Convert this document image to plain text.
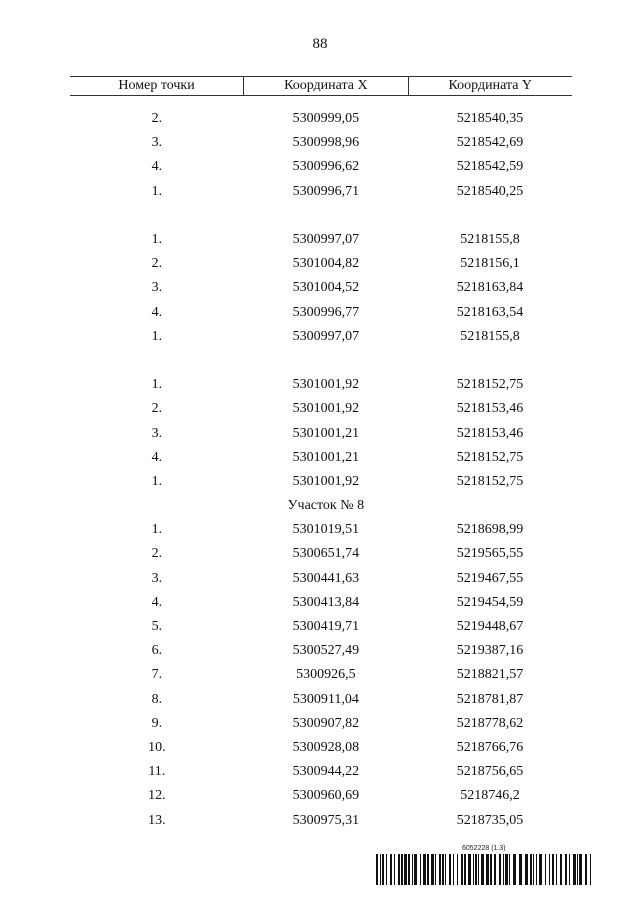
88
Номер точки	Координата X	Координата Y

2.	5300999,05	5218540,35
3.	5300998,96	5218542,69
4.	5300996,62	5218542,59
1.	5300996,71	5218540,25

1.	5300997,07	5218155,8
2.	5301004,82	5218156,1
3.	5301004,52	5218163,84
4.	5300996,77	5218163,54
1.	5300997,07	5218155,8

1.	5301001,92	5218152,75
2.	5301001,92	5218153,46
3.	5301001,21	5218153,46
4.	5301001,21	5218152,75
1.	5301001,92	5218152,75
	Участок № 8	
1.	5301019,51	5218698,99
2.	5300651,74	5219565,55
3.	5300441,63	5219467,55
4.	5300413,84	5219454,59
5.	5300419,71	5219448,67
6.	5300527,49	5219387,16
7.	5300926,5	5218821,57
8.	5300911,04	5218781,87
9.	5300907,82	5218778,62
10.	5300928,08	5218766,76
11.	5300944,22	5218756,65
12.	5300960,69	5218746,2
13.	5300975,31	5218735,05
6052228 (1.3)
